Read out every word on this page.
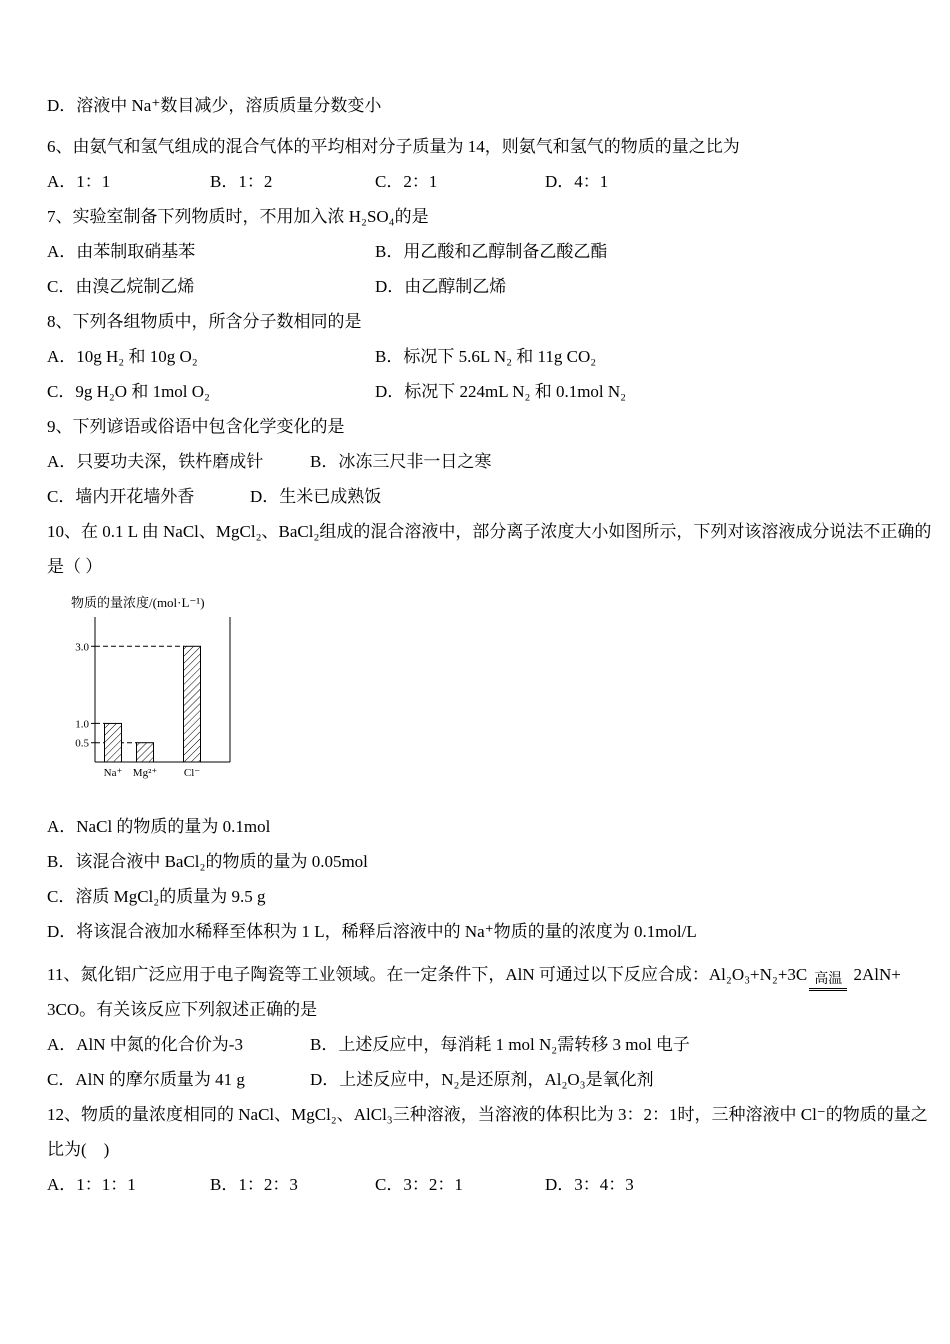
D．溶液中 Na⁺数目减少，溶质质量分数变小

6、由氨气和氢气组成的混合气体的平均相对分子质量为 14，则氨气和氢气的物质的量之比为

A．1：1	B．1：2	C．2：1	D．4：1

7、实验室制备下列物质时，不用加入浓 H₂SO₄的是

A．由苯制取硝基苯	B．用乙酸和乙醇制备乙酸乙酯
C．由溴乙烷制乙烯	D．由乙醇制乙烯

8、下列各组物质中，所含分子数相同的是

A．10g H₂ 和 10g O₂	B．标况下 5.6L N₂ 和 11g CO₂
C．9g H₂O 和 1mol O₂	D．标况下 224mL N₂ 和 0.1mol N₂

9、下列谚语或俗语中包含化学变化的是

A．只要功夫深，铁杵磨成针	B．冰冻三尺非一日之寒
C．墙内开花墙外香	D．生米已成熟饭

10、在 0.1 L 由 NaCl、MgCl₂、BaCl₂组成的混合溶液中，部分离子浓度大小如图所示，下列对该溶液成分说法不正确的

是（ ）

物质的量浓度/(mol·L⁻¹)
0.5
1.0
3.0
Na⁺ Mg²⁺ Cl⁻

A．NaCl 的物质的量为 0.1mol

B．该混合液中 BaCl₂的物质的量为 0.05mol

C．溶质 MgCl₂的质量为 9.5 g

D．将该混合液加水稀释至体积为 1 L，稀释后溶液中的 Na⁺物质的量的浓度为 0.1mol/L

11、氮化铝广泛应用于电子陶瓷等工业领域。在一定条件下，AlN 可通过以下反应合成：Al₂O₃+N₂+3C 高温 2AlN+

3CO。有关该反应下列叙述正确的是

A．AlN 中氮的化合价为-3	B．上述反应中，每消耗 1 mol N₂需转移 3 mol 电子
C．AlN 的摩尔质量为 41 g	D．上述反应中，N₂是还原剂，Al₂O₃是氧化剂

12、物质的量浓度相同的 NaCl、MgCl₂、AlCl₃三种溶液，当溶液的体积比为 3：2：1时，三种溶液中 Cl⁻的物质的量之

比为(　)

A．1：1：1	B．1：2：3	C．3：2：1	D．3：4：3
